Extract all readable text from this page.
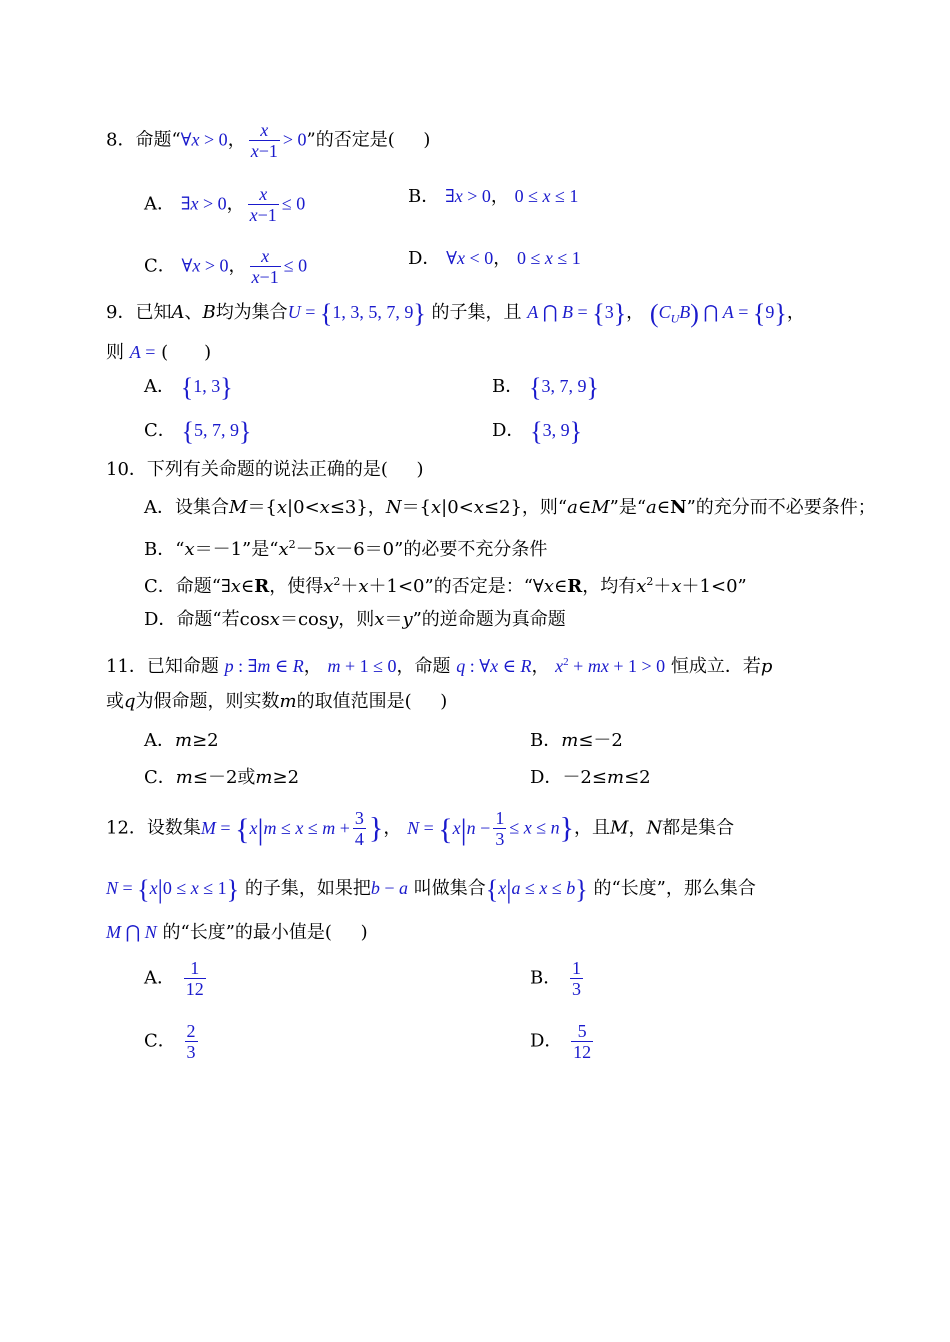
8．命题“∀x > 0， $\frac{x}{x-1} > 0$”的否定是( )
A． ∃x > 0， $\frac{x}{x-1} \le 0$	B． ∃x > 0， 0 ≤ x ≤ 1
C． ∀x > 0， $\frac{x}{x-1} \le 0$	D． ∀x < 0， 0 ≤ x ≤ 1
9．已知A、B均为集合U = {1, 3, 5, 7, 9} 的子集，且 A ⋂ B = {3}， $(C_UB)$ ⋂ A = {9}，
则 A = (　　)
A． {1, 3}	B． {3, 7, 9}
C． {5, 7, 9}	D． {3, 9}
10．下列有关命题的说法正确的是( )
A．设集合M＝{x|0<x≤3}，N＝{x|0<x≤2}，则“a∈M”是“a∈N”的充分而不必要条件；
B．“x＝－1”是“$x^2-5x-6=0$”的必要不充分条件
C．命题“∃x∈R，使得$x^2+x+1<0$”的否定是：“∀x∈R，均有$x^2+x+1<0$”
D．命题“若cosx＝cosy，则x＝y”的逆命题为真命题
11．已知命题 p : ∃m ∈ R， m + 1 ≤ 0，命题 q : ∀x ∈ R， $x^2$ + mx + 1 > 0 恒成立．若p
或q为假命题，则实数m的取值范围是( )
A．m≥2	B．m≤－2
C．m≤－2或m≥2	D．－2≤m≤2
12．设数集$M = \{x|m \le x \le m + \frac{3}{4}$ }， $N = \{x|n - \frac{1}{3} \le x \le n\}$，且M，N都是集合
N = {x|0 ≤ x ≤ 1} 的子集，如果把b − a 叫做集合{x|a ≤ x ≤ b} 的“长度”，那么集合
M ⋂ N 的“长度”的最小值是( )
A． $\frac{1}{12}$	B． $\frac{1}{3}$
C． $\frac{2}{3}$	D． $\frac{5}{12}$
